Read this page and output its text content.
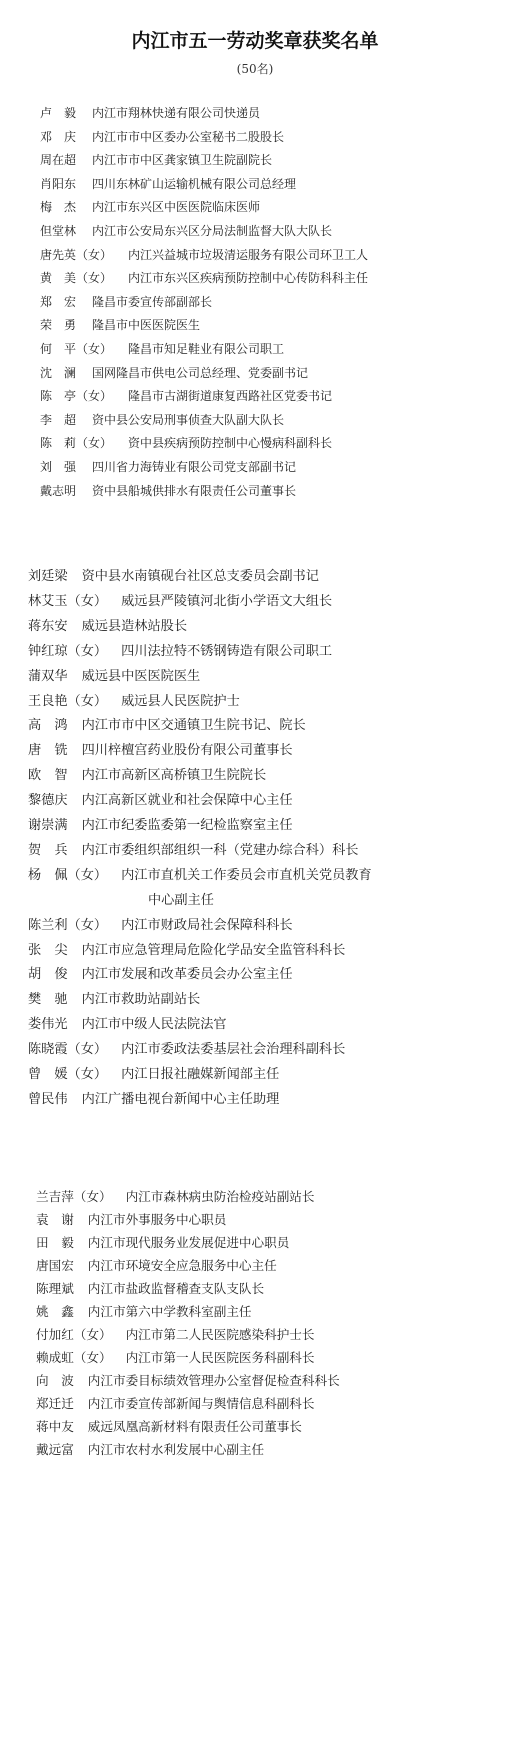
内江市五一劳动奖章获奖名单
(50名)
卢　毅 内江市翔林快递有限公司快递员
邓　庆 内江市市中区委办公室秘书二股股长
周在超 内江市市中区龚家镇卫生院副院长
肖阳东 四川东林矿山运输机械有限公司总经理
梅　杰 内江市东兴区中医医院临床医师
但堂林 内江市公安局东兴区分局法制监督大队大队长
唐先英（女） 内江兴益城市垃圾清运服务有限公司环卫工人
黄　美（女） 内江市东兴区疾病预防控制中心传防科科主任
郑　宏 隆昌市委宣传部副部长
荣　勇 隆昌市中医医院医生
何　平（女） 隆昌市知足鞋业有限公司职工
沈　澜 国网隆昌市供电公司总经理、党委副书记
陈　亭（女） 隆昌市古湖街道康复西路社区党委书记
李　超 资中县公安局刑事侦查大队副大队长
陈　莉（女） 资中县疾病预防控制中心慢病科副科长
刘　强 四川省力海铸业有限公司党支部副书记
戴志明 资中县船城供排水有限责任公司董事长
刘廷梁 资中县水南镇砚台社区总支委员会副书记
林艾玉（女） 威远县严陵镇河北街小学语文大组长
蒋东安 威远县造林站股长
钟红琼（女） 四川法拉特不锈钢铸造有限公司职工
蒲双华 威远县中医医院医生
王良艳（女） 威远县人民医院护士
高　鸿 内江市市中区交通镇卫生院书记、院长
唐　铣 四川梓檀宫药业股份有限公司董事长
欧　智 内江市高新区高桥镇卫生院院长
黎德庆 内江高新区就业和社会保障中心主任
谢崇满 内江市纪委监委第一纪检监察室主任
贺　兵 内江市委组织部组织一科（党建办综合科）科长
杨　佩（女） 内江市直机关工作委员会市直机关党员教育
中心副主任
陈兰利（女） 内江市财政局社会保障科科长
张　尖 内江市应急管理局危险化学品安全监管科科长
胡　俊 内江市发展和改革委员会办公室主任
樊　驰 内江市救助站副站长
娄伟光 内江市中级人民法院法官
陈晓霞（女） 内江市委政法委基层社会治理科副科长
曾　媛（女） 内江日报社融媒新闻部主任
曾民伟 内江广播电视台新闻中心主任助理
兰吉萍（女） 内江市森林病虫防治检疫站副站长
袁　谢 内江市外事服务中心职员
田　毅 内江市现代服务业发展促进中心职员
唐国宏 内江市环境安全应急服务中心主任
陈理斌 内江市盐政监督稽查支队支队长
姚　鑫 内江市第六中学教科室副主任
付加红（女） 内江市第二人民医院感染科护士长
赖成虹（女） 内江市第一人民医院医务科副科长
向　波 内江市委目标绩效管理办公室督促检查科科长
郑迁迁 内江市委宣传部新闻与舆情信息科副科长
蒋中友 威远凤凰高新材料有限责任公司董事长
戴远富 内江市农村水利发展中心副主任
